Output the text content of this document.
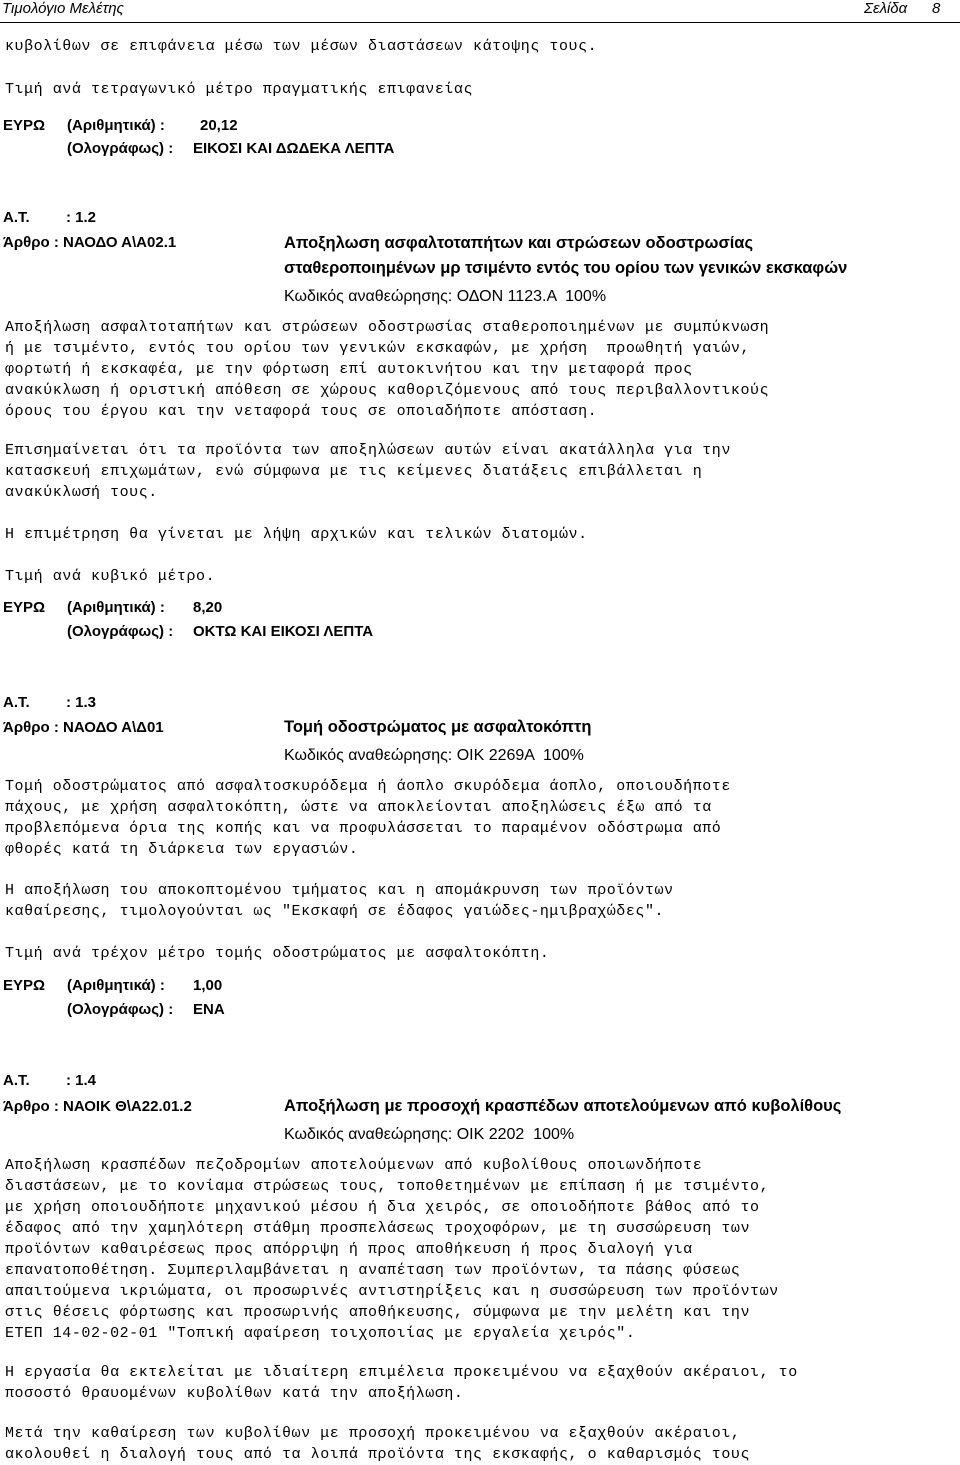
Τιμολόγιο Μελέτης	Σελίδα 8
κυβολίθων σε επιφάνεια μέσω των μέσων διαστάσεων κάτοψης τους.
Τιμή ανά τετραγωνικό μέτρο πραγματικής επιφανείας
ΕΥΡΩ (Αριθμητικά) : 20,12
(Ολογράφως) : ΕΙΚΟΣΙ ΚΑΙ ΔΩΔΕΚΑ ΛΕΠΤΑ
Α.Τ. : 1.2
Άρθρο : ΝΑΟΔΟ Α\Α02.1	Αποξηλωση ασφαλτοταπήτων και στρώσεων οδοστρωσίας
σταθεροποιημένων μρ τσιμέντο εντός του ορίου των γενικών εκσκαφών
Κωδικός αναθεώρησης: ΟΔΟΝ 1123.Α  100%
Αποξήλωση ασφαλτοταπήτων και στρώσεων οδοστρωσίας σταθεροποιημένων με συμπύκνωση
ή με τσιμέντο, εντός του ορίου των γενικών εκσκαφών, με χρήση  προωθητή γαιών,
φορτωτή ή εκσκαφέα, με την φόρτωση επί αυτοκινήτου και την μεταφορά προς
ανακύκλωση ή οριστική απόθεση σε χώρους καθοριζόμενους από τους περιβαλλοντικούς
όρους του έργου και την νεταφορά τους σε οποιαδήποτε απόσταση.
Επισημαίνεται ότι τα προϊόντα των αποξηλώσεων αυτών είναι ακατάλληλα για την
κατασκευή επιχωμάτων, ενώ σύμφωνα με τις κείμενες διατάξεις επιβάλλεται η
ανακύκλωσή τους.
Η επιμέτρηση θα γίνεται με λήψη αρχικών και τελικών διατομών.
Τιμή ανά κυβικό μέτρο.
ΕΥΡΩ (Αριθμητικά) : 8,20
(Ολογράφως) : ΟΚΤΩ ΚΑΙ ΕΙΚΟΣΙ ΛΕΠΤΑ
Α.Τ. : 1.3
Άρθρο : ΝΑΟΔΟ Α\Δ01	Τομή οδοστρώματος με ασφαλτοκόπτη
Κωδικός αναθεώρησης: ΟΙΚ 2269Α  100%
Τομή οδοστρώματος από ασφαλτοσκυρόδεμα ή άοπλο σκυρόδεμα άοπλο, οποιουδήποτε
πάχους, με χρήση ασφαλτοκόπτη, ώστε να αποκλείονται αποξηλώσεις έξω από τα
προβλεπόμενα όρια της κοπής και να προφυλάσσεται το παραμένον οδόστρωμα από
φθορές κατά τη διάρκεια των εργασιών.
Η αποξήλωση του αποκοπτομένου τμήματος και η απομάκρυνση των προϊόντων
καθαίρεσης, τιμολογούνται ως "Εκσκαφή σε έδαφος γαιώδες-ημιβραχώδες".
Τιμή ανά τρέχον μέτρο τομής οδοστρώματος με ασφαλτοκόπτη.
ΕΥΡΩ (Αριθμητικά) : 1,00
(Ολογράφως) : ΕΝΑ
Α.Τ. : 1.4
Άρθρο : ΝΑΟΙΚ Θ\Α22.01.2	Αποξήλωση με προσοχή κρασπέδων αποτελούμενων από κυβολίθους
Κωδικός αναθεώρησης: ΟΙΚ 2202  100%
Αποξήλωση κρασπέδων πεζοδρομίων αποτελούμενων από κυβολίθους οποιωνδήποτε
διαστάσεων, με το κονίαμα στρώσεως τους, τοποθετημένων με επίπαση ή με τσιμέντο,
με χρήση οποιουδήποτε μηχανικού μέσου ή δια χειρός, σε οποιοδήποτε βάθος από το
έδαφος από την χαμηλότερη στάθμη προσπελάσεως τροχοφόρων, με τη συσσώρευση των
προϊόντων καθαιρέσεως προς απόρριψη ή προς αποθήκευση ή προς διαλογή για
επανατοποθέτηση. Συμπεριλαμβάνεται η αναπέταση των προϊόντων, τα πάσης φύσεως
απαιτούμενα ικριώματα, οι προσωρινές αντιστηρίξεις και η συσσώρευση των προϊόντων
στις θέσεις φόρτωσης και προσωρινής αποθήκευσης, σύμφωνα με την μελέτη και την
ΕΤΕΠ 14-02-02-01 "Τοπική αφαίρεση τοιχοποιίας με εργαλεία χειρός".
Η εργασία θα εκτελείται με ιδιαίτερη επιμέλεια προκειμένου να εξαχθούν ακέραιοι, το
ποσοστό θραυομένων κυβολίθων κατά την αποξήλωση.
Μετά την καθαίρεση των κυβολίθων με προσοχή προκειμένου να εξαχθούν ακέραιοι,
ακολουθεί η διαλογή τους από τα λοιπά προϊόντα της εκσκαφής, ο καθαρισμός τους
